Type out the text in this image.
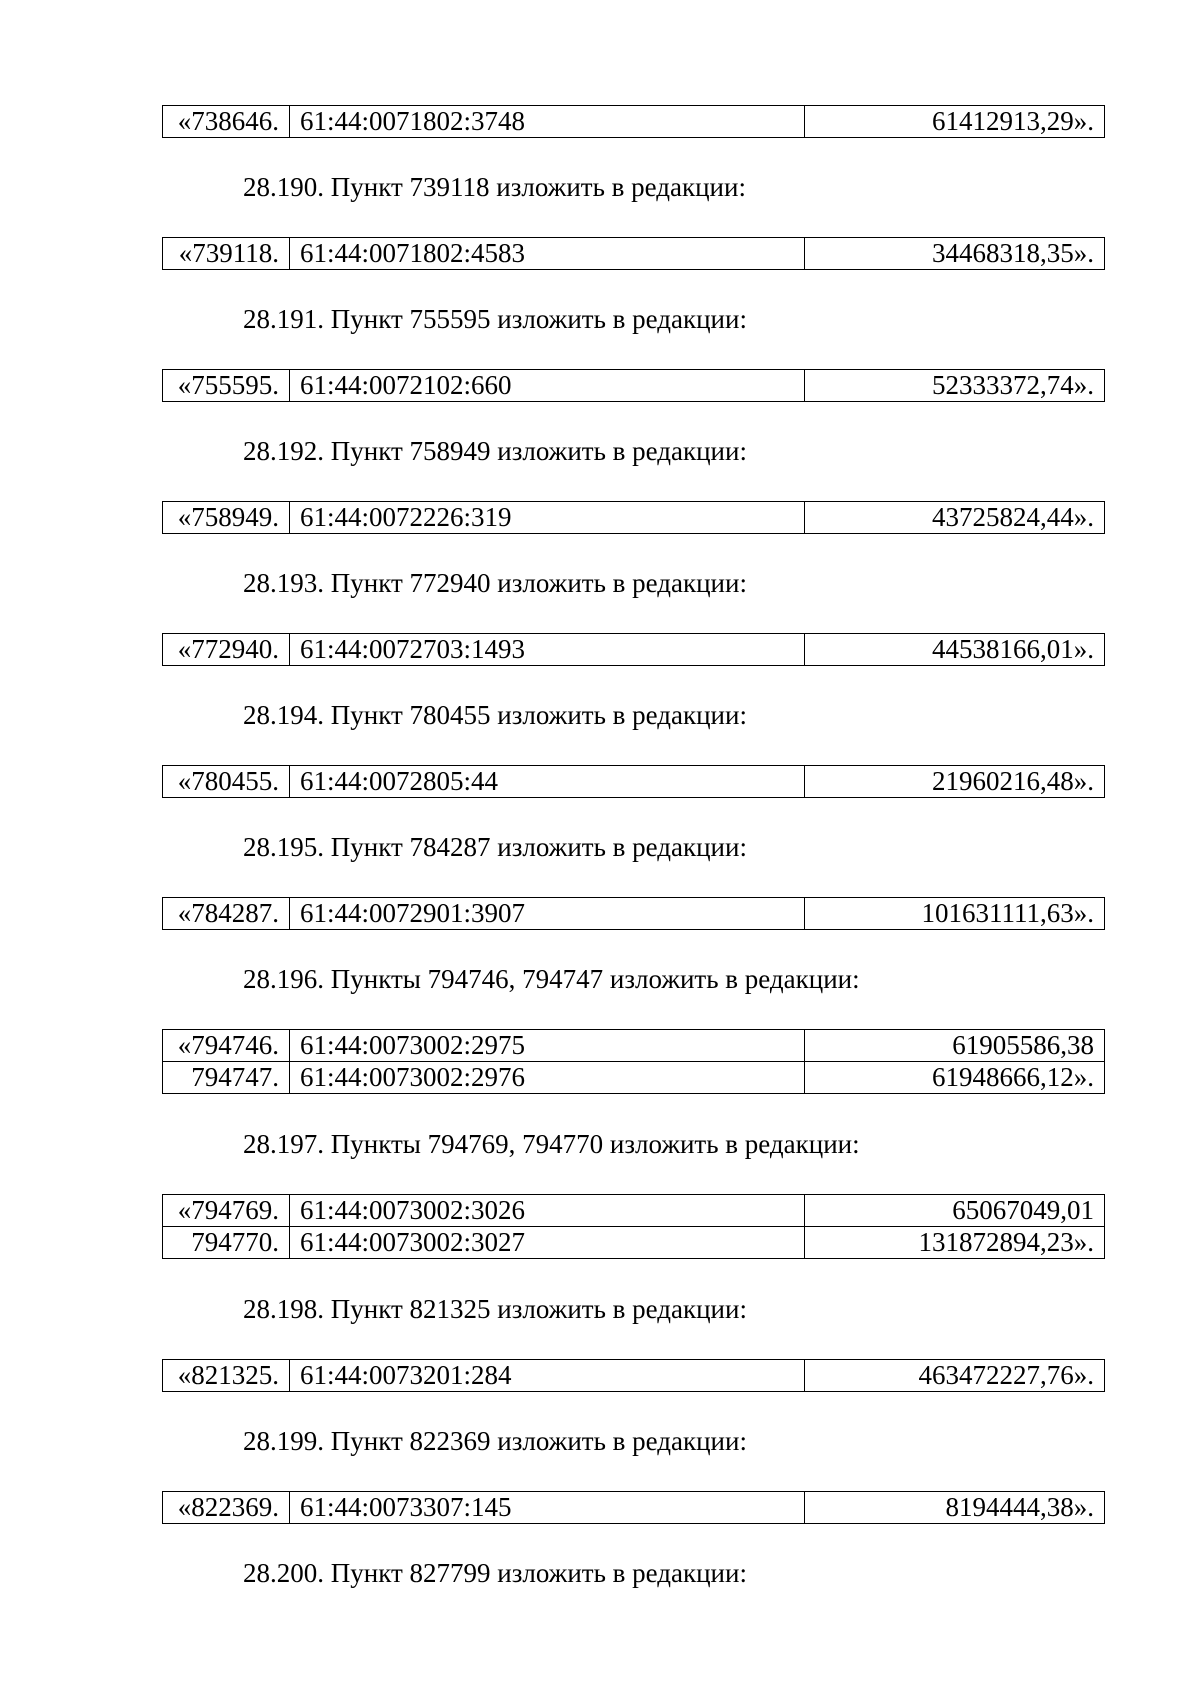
«738646.	61:44:0071802:3748	61412913,29».
28.190. Пункт 739118 изложить в редакции:
«739118.	61:44:0071802:4583	34468318,35».
28.191. Пункт 755595 изложить в редакции:
«755595.	61:44:0072102:660	52333372,74».
28.192. Пункт 758949 изложить в редакции:
«758949.	61:44:0072226:319	43725824,44».
28.193. Пункт 772940 изложить в редакции:
«772940.	61:44:0072703:1493	44538166,01».
28.194. Пункт 780455 изложить в редакции:
«780455.	61:44:0072805:44	21960216,48».
28.195. Пункт 784287 изложить в редакции:
«784287.	61:44:0072901:3907	101631111,63».
28.196. Пункты 794746, 794747 изложить в редакции:
«794746.	61:44:0073002:2975	61905586,38
794747.	61:44:0073002:2976	61948666,12».
28.197. Пункты 794769, 794770 изложить в редакции:
«794769.	61:44:0073002:3026	65067049,01
794770.	61:44:0073002:3027	131872894,23».
28.198. Пункт 821325 изложить в редакции:
«821325.	61:44:0073201:284	463472227,76».
28.199. Пункт 822369 изложить в редакции:
«822369.	61:44:0073307:145	8194444,38».
28.200. Пункт 827799 изложить в редакции:
